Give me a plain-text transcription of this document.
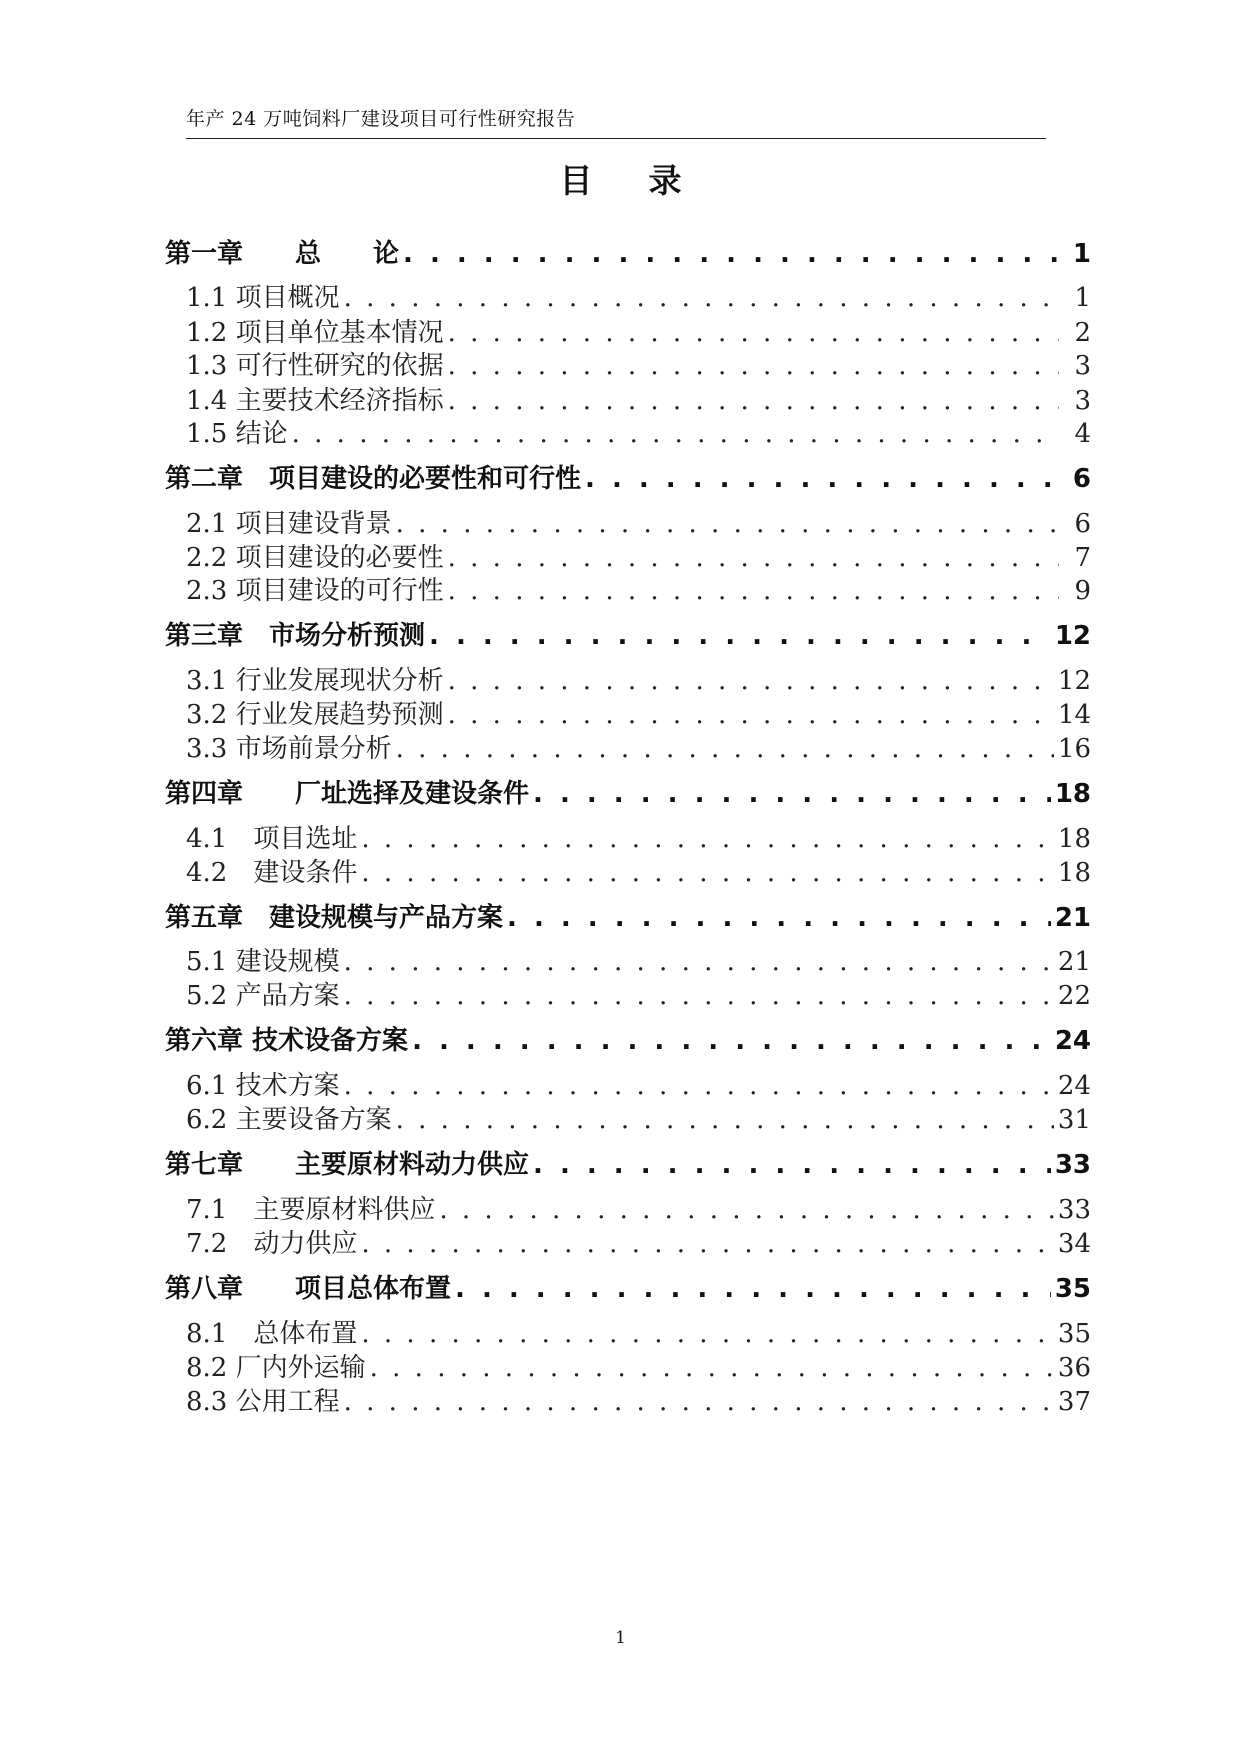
年产 24 万吨饲料厂建设项目可行性研究报告
目录
第一章　　总　　论 . . .	1
1.1 项目概况 . . .	1
1.2 项目单位基本情况 . . .	2
1.3 可行性研究的依据 . . .	3
1.4 主要技术经济指标 . . .	3
1.5 结论 . . .	4
第二章　项目建设的必要性和可行性 . . .	6
2.1 项目建设背景 . . .	6
2.2 项目建设的必要性 . . .	7
2.3 项目建设的可行性 . . .	9
第三章　市场分析预测 . . .	12
3.1 行业发展现状分析 . . .	12
3.2 行业发展趋势预测 . . .	14
3.3 市场前景分析 . . .	16
第四章　　厂址选择及建设条件 . . .	18
4.1　项目选址 . . .	18
4.2　建设条件 . . .	18
第五章　建设规模与产品方案 . . .	21
5.1 建设规模 . . .	21
5.2 产品方案 . . .	22
第六章 技术设备方案 . . .	24
6.1 技术方案 . . .	24
6.2 主要设备方案 . . .	31
第七章　　主要原材料动力供应 . . .	33
7.1　主要原材料供应 . . .	33
7.2　动力供应 . . .	34
第八章　　项目总体布置 . . .	35
8.1　总体布置 . . .	35
8.2 厂内外运输 . . .	36
8.3 公用工程 . . .	37
1
